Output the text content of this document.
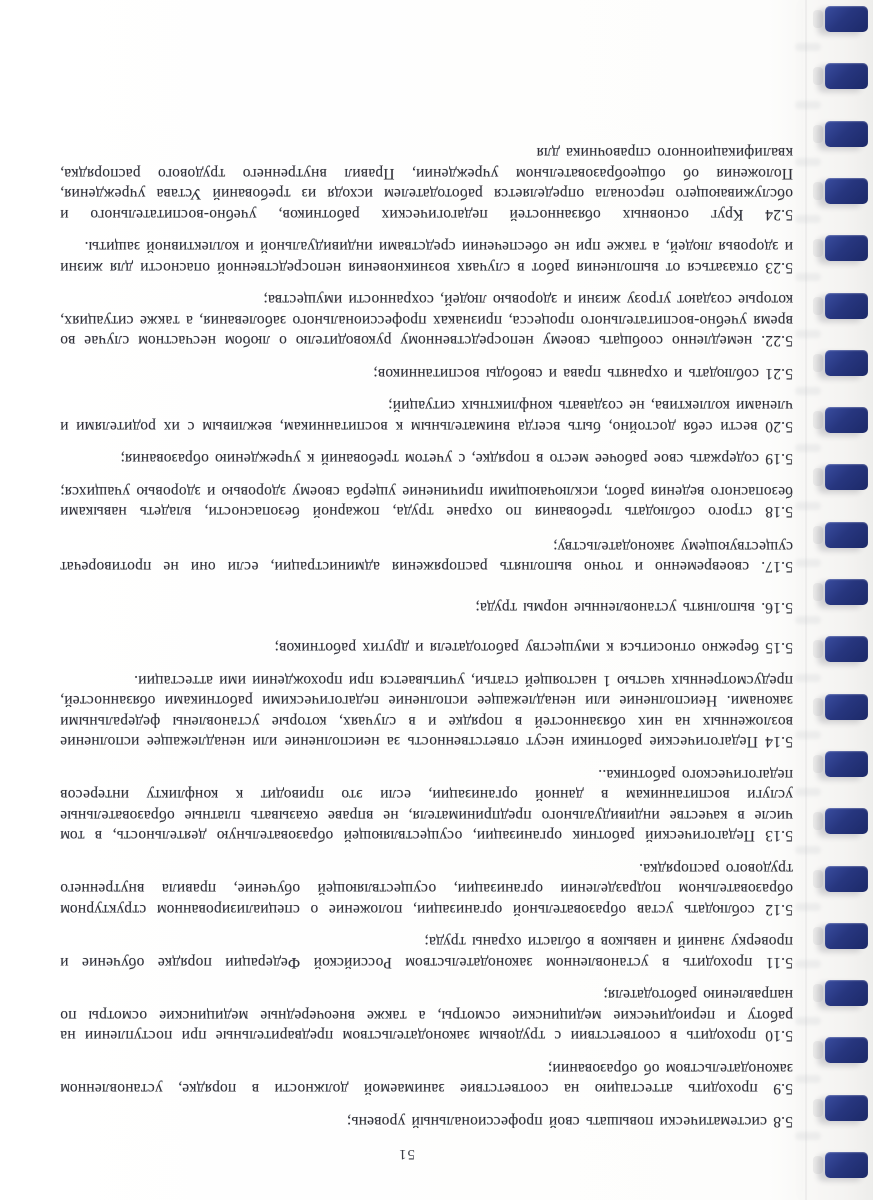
51

5.8 систематически повышать свой профессиональный уровень;

5.9 проходить аттестацию на соответствие занимаемой должности в порядке, установленном законодательством об образовании;

5.10 проходить в соответствии с трудовым законодательством предварительные при поступлении на работу и периодические медицинские осмотры, а также внеочередные медицинские осмотры по направлению работодателя;

5.11 проходить в установленном законодательством Российской Федерации порядке обучение и проверку знаний и навыков в области охраны труда;

5.12 соблюдать устав образовательной организации, положение о специализированном структурном образовательном подразделении организации, осуществляющей обучение, правила внутреннего трудового распорядка.

5.13 Педагогический работник организации, осуществляющей образовательную деятельность, в том числе в качестве индивидуального предпринимателя, не вправе оказывать платные образовательные услуги воспитанникам в данной организации, если это приводит к конфликту интересов педагогического работника..

5.14 Педагогические работники несут ответственность за неисполнение или ненадлежащее исполнение возложенных на них обязанностей в порядке и в случаях, которые установлены федеральными законами. Неисполнение или ненадлежащее исполнение педагогическими работниками обязанностей, предусмотренных частью 1 настоящей статьи, учитывается при прохождении ими аттестации.

5.15 бережно относиться к имуществу работодателя и других работников;

5.16. выполнять установленные нормы труда;

5.17. своевременно и точно выполнять распоряжения администрации, если они не противоречат существующему законодательству;

5.18 строго соблюдать требования по охране труда, пожарной безопасности, владеть навыками безопасного ведения работ, исключающими причинение ущерба своему здоровью и здоровью учащихся;

5.19 содержать свое рабочее место в порядке, с учетом требований к учреждению образования;

5.20 вести себя достойно, быть всегда внимательным к воспитанникам, вежливым с их родителями и членами коллектива, не создавать конфликтных ситуаций;

5.21 соблюдать и охранять права и свободы воспитанников;

5.22. немедленно сообщать своему непосредственному руководителю о любом несчастном случае во время учебно-воспитательного процесса, признаках профессионального заболевания, а также ситуациях, которые создают угрозу жизни и здоровью людей, сохранности имущества;

5.23 отказаться от выполнения работ в случаях возникновения непосредственной опасности для жизни и здоровья людей, а также при не обеспечении средствами индивидуальной и коллективной защиты.

5.24 Круг основных обязанностей педагогических работников, учебно-воспитательного и обслуживающего персонала определяется работодателем исходя из требований Устава учреждения, Положения об общеобразовательном учреждении, Правил внутреннего трудового распорядка, квалификационного справочника для
